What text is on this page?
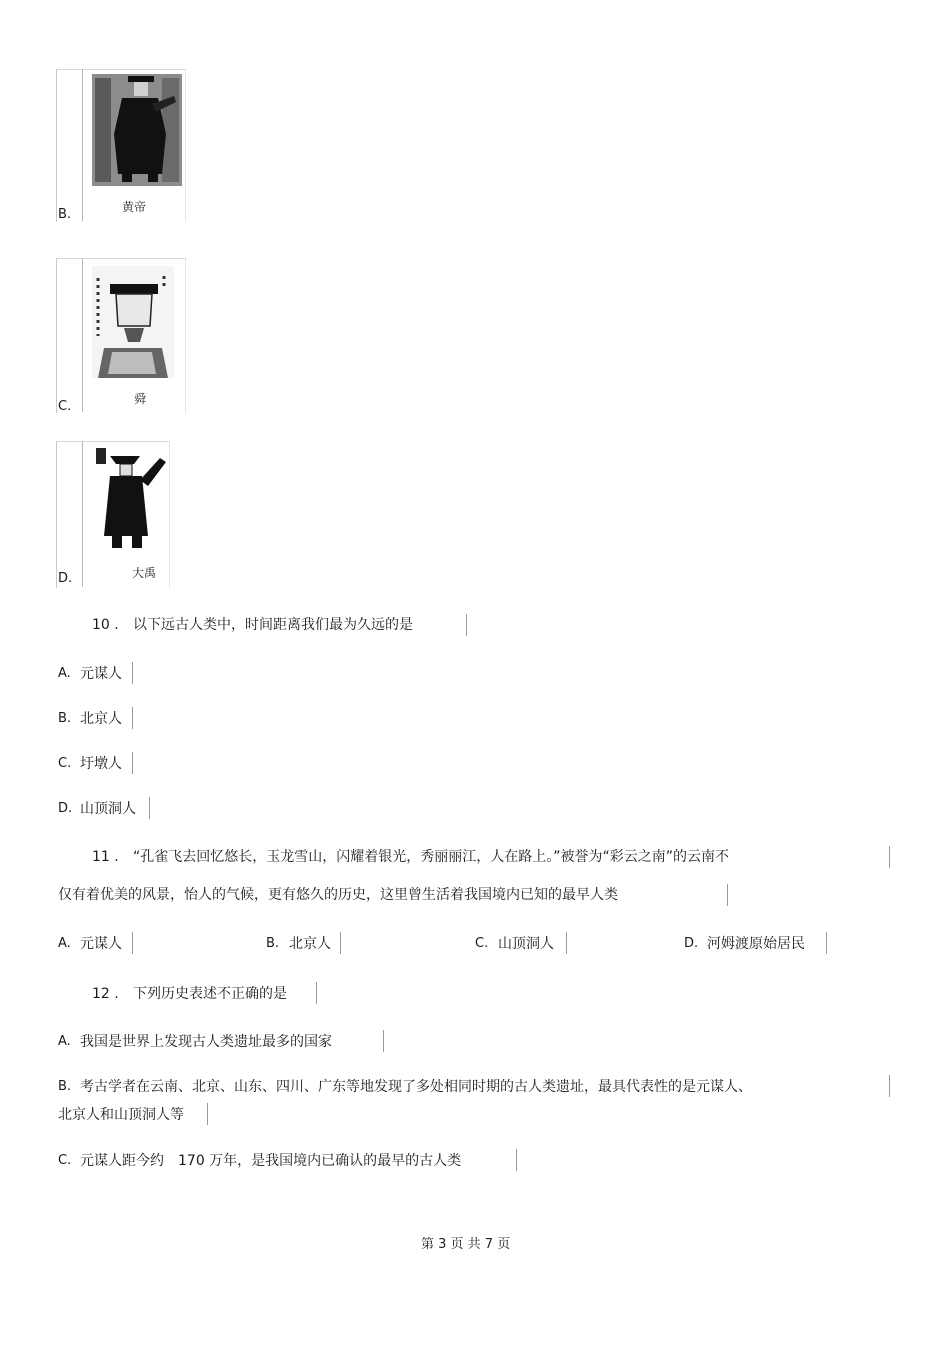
黄帝
B.
舜
C.
大禹
D.
10 . 以下远古人类中，时间距离我们最为久远的是
A. 元谋人
B. 北京人
C. 圩墩人
D. 山顶洞人
11 . “孔雀飞去回忆悠长，玉龙雪山，闪耀着银光，秀丽丽江，人在路上。”被誉为“彩云之南”的云南不
仅有着优美的风景，怡人的气候，更有悠久的历史，这里曾生活着我国境内已知的最早人类
A. 元谋人	B. 北京人	C. 山顶洞人	D. 河姆渡原始居民
12 . 下列历史表述不正确的是
A. 我国是世界上发现古人类遗址最多的国家
B. 考古学者在云南、北京、山东、四川、广东等地发现了多处相同时期的古人类遗址，最具代表性的是元谋人、
北京人和山顶洞人等
C. 元谋人距今约　170 万年，是我国境内已确认的最早的古人类
第 3 页 共 7 页
